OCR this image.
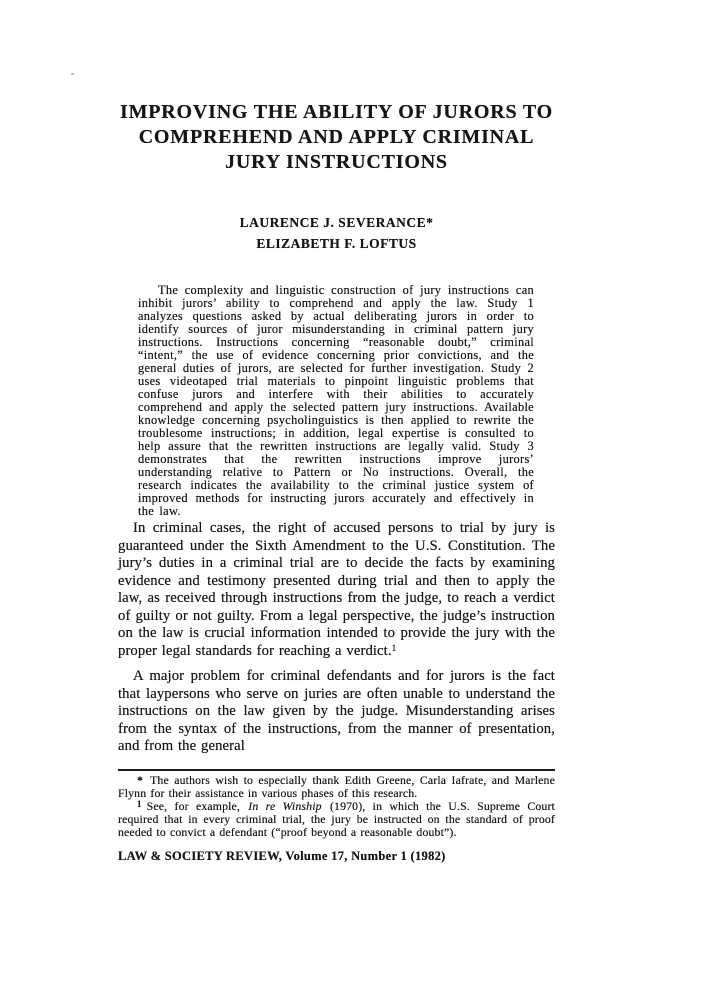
IMPROVING THE ABILITY OF JURORS TO
COMPREHEND AND APPLY CRIMINAL
JURY INSTRUCTIONS
LAURENCE J. SEVERANCE*
ELIZABETH F. LOFTUS

The complexity and linguistic construction of jury instructions can inhibit jurors’ ability to comprehend and apply the law. Study 1 analyzes questions asked by actual deliberating jurors in order to identify sources of juror misunderstanding in criminal pattern jury instructions. Instructions concerning “reasonable doubt,” criminal “intent,” the use of evidence concerning prior convictions, and the general duties of jurors, are selected for further investigation. Study 2 uses videotaped trial materials to pinpoint linguistic problems that confuse jurors and interfere with their abilities to accurately comprehend and apply the selected pattern jury instructions. Available knowledge concerning psycholinguistics is then applied to rewrite the troublesome instructions; in addition, legal expertise is consulted to help assure that the rewritten instructions are legally valid. Study 3 demonstrates that the rewritten instructions improve jurors’ understanding relative to Pattern or No instructions. Overall, the research indicates the availability to the criminal justice system of improved methods for instructing jurors accurately and effectively in the law.

In criminal cases, the right of accused persons to trial by jury is guaranteed under the Sixth Amendment to the U.S. Constitution. The jury’s duties in a criminal trial are to decide the facts by examining evidence and testimony presented during trial and then to apply the law, as received through instructions from the judge, to reach a verdict of guilty or not guilty. From a legal perspective, the judge’s instruction on the law is crucial information intended to provide the jury with the proper legal standards for reaching a verdict.$^1$

A major problem for criminal defendants and for jurors is the fact that laypersons who serve on juries are often unable to understand the instructions on the law given by the judge. Misunderstanding arises from the syntax of the instructions, from the manner of presentation, and from the general

* The authors wish to especially thank Edith Greene, Carla Iafrate, and Marlene Flynn for their assistance in various phases of this research.

$^1$ See, for example, In re Winship (1970), in which the U.S. Supreme Court required that in every criminal trial, the jury be instructed on the standard of proof needed to convict a defendant (“proof beyond a reasonable doubt”).

LAW & SOCIETY REVIEW, Volume 17, Number 1 (1982)
